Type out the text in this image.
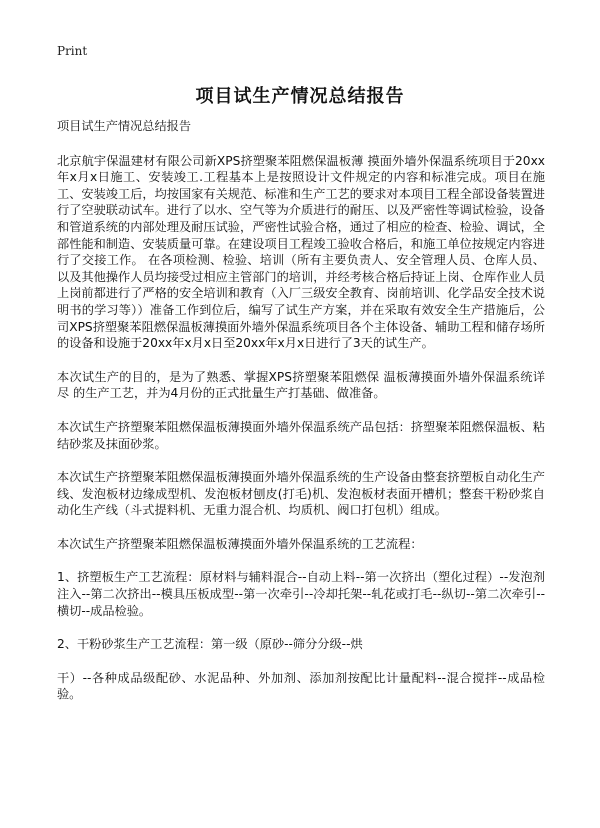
Print
项目试生产情况总结报告
项目试生产情况总结报告

北京航宇保温建材有限公司新XPS挤塑聚苯阻燃保温板薄 摸面外墙外保温系统项目于20xx年x月x日施工、安装竣工.工程基本上是按照设计文件规定的内容和标准完成。项目在施工、安装竣工后，均按国家有关规范、标准和生产工艺的要求对本项目工程全部设备装置进行了空驶联动试车。进行了以水、空气等为介质进行的耐压、以及严密性等调试检验，设备和管道系统的内部处理及耐压试验，严密性试验合格，通过了相应的检查、检验、调试，全部性能和制造、安装质量可靠。在建设项目工程竣工验收合格后，和施工单位按规定内容进行了交接工作。 在各项检测、检验、培训（所有主要负责人、安全管理人员、仓库人员、以及其他操作人员均接受过相应主管部门的培训，并经考核合格后持证上岗、仓库作业人员上岗前都进行了严格的安全培训和教育（入厂三级安全教育、岗前培训、化学品安全技术说明书的学习等））准备工作到位后，编写了试生产方案，并在采取有效安全生产措施后，公司XPS挤塑聚苯阻燃保温板薄摸面外墙外保温系统项目各个主体设备、辅助工程和储存场所的设备和设施于20xx年x月x日至20xx年x月x日进行了3天的试生产。

本次试生产的目的，是为了熟悉、掌握XPS挤塑聚苯阻燃保 温板薄摸面外墙外保温系统详尽 的生产工艺，并为4月份的正式批量生产打基础、做准备。

本次试生产挤塑聚苯阻燃保温板薄摸面外墙外保温系统产品包括：挤塑聚苯阻燃保温板、粘结砂浆及抹面砂浆。

本次试生产挤塑聚苯阻燃保温板薄摸面外墙外保温系统的生产设备由整套挤塑板自动化生产线、发泡板材边缘成型机、发泡板材刨皮(打毛)机、发泡板材表面开槽机；整套干粉砂浆自动化生产线（斗式提料机、无重力混合机、均质机、阀口打包机）组成。

本次试生产挤塑聚苯阻燃保温板薄摸面外墙外保温系统的工艺流程：

1、挤塑板生产工艺流程：原材料与辅料混合--自动上料--第一次挤出（塑化过程）--发泡剂注入--第二次挤出--模具压板成型--第一次牵引--冷却托架--轧花或打毛--纵切--第二次牵引--横切--成品检验。

2、干粉砂浆生产工艺流程：第一级（原砂--筛分分级--烘

干）--各种成品级配砂、水泥品种、外加剂、添加剂按配比计量配料--混合搅拌--成品检验。
